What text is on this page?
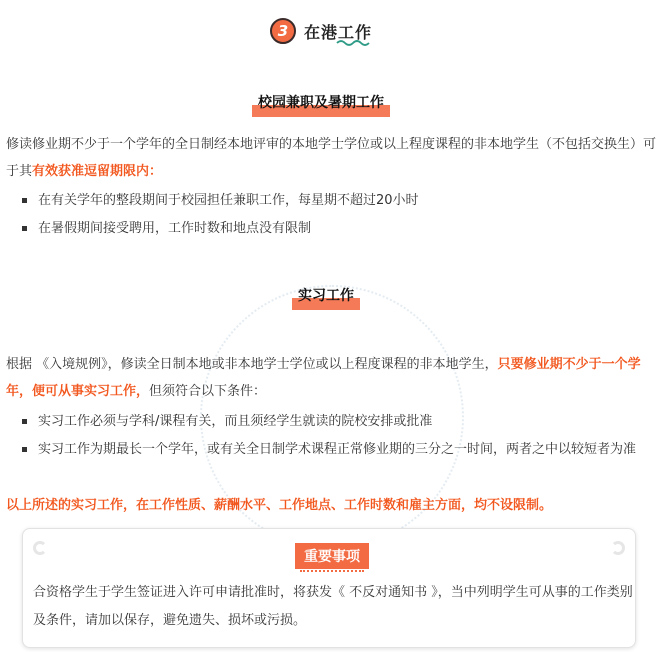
3 在港工作
校园兼职及暑期工作

修读修业期不少于一个学年的全日制经本地评审的本地学士学位或以上程度课程的非本地学生（不包括交换生）可于其有效获准逗留期限内：

在有关学年的整段期间于校园担任兼职工作，每星期不超过20小时
在暑假期间接受聘用，工作时数和地点没有限制
实习工作

根据 《入境规例》，修读全日制本地或非本地学士学位或以上程度课程的非本地学生，只要修业期不少于一个学年，便可从事实习工作，但须符合以下条件：

实习工作必须与学科/课程有关，而且须经学生就读的院校安排或批准
实习工作为期最长一个学年，或有关全日制学术课程正常修业期的三分之一时间，两者之中以较短者为准

以上所述的实习工作，在工作性质、薪酬水平、工作地点、工作时数和雇主方面，均不设限制。

重要事项

合资格学生于学生签证进入许可申请批准时，将获发《 不反对通知书 》，当中列明学生可从事的工作类别及条件，请加以保存，避免遗失、损坏或污损。
